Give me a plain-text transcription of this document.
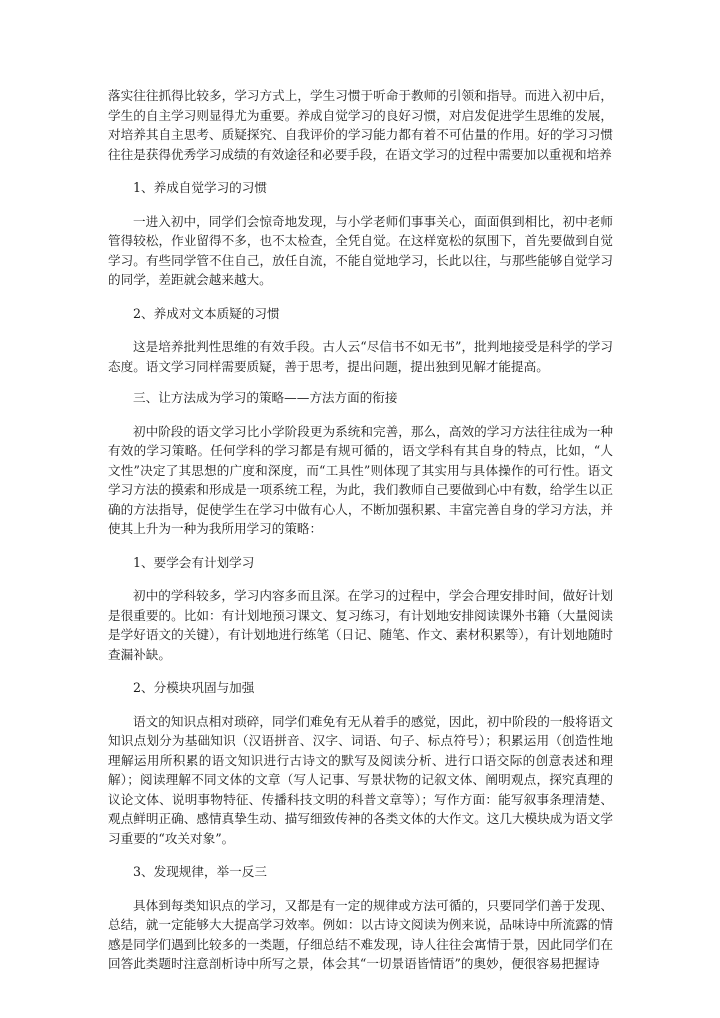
落实往往抓得比较多，学习方式上，学生习惯于听命于教师的引领和指导。而进入初中后，学生的自主学习则显得尤为重要。养成自觉学习的良好习惯，对启发促进学生思维的发展，对培养其自主思考、质疑探究、自我评价的学习能力都有着不可估量的作用。好的学习习惯往往是获得优秀学习成绩的有效途径和必要手段，在语文学习的过程中需要加以重视和培养

1、养成自觉学习的习惯

一进入初中，同学们会惊奇地发现，与小学老师们事事关心，面面俱到相比，初中老师管得较松，作业留得不多，也不太检查，全凭自觉。在这样宽松的氛围下，首先要做到自觉学习。有些同学管不住自己，放任自流，不能自觉地学习，长此以往，与那些能够自觉学习的同学，差距就会越来越大。

2、养成对文本质疑的习惯

这是培养批判性思维的有效手段。古人云“尽信书不如无书”，批判地接受是科学的学习态度。语文学习同样需要质疑，善于思考，提出问题，提出独到见解才能提高。

三、让方法成为学习的策略——方法方面的衔接

初中阶段的语文学习比小学阶段更为系统和完善，那么，高效的学习方法往往成为一种有效的学习策略。任何学科的学习都是有规可循的，语文学科有其自身的特点，比如，“人文性”决定了其思想的广度和深度，而“工具性”则体现了其实用与具体操作的可行性。语文学习方法的摸索和形成是一项系统工程，为此，我们教师自己要做到心中有数，给学生以正确的方法指导，促使学生在学习中做有心人，不断加强积累、丰富完善自身的学习方法，并使其上升为一种为我所用学习的策略：

1、要学会有计划学习

初中的学科较多，学习内容多而且深。在学习的过程中，学会合理安排时间，做好计划是很重要的。比如：有计划地预习课文、复习练习，有计划地安排阅读课外书籍（大量阅读是学好语文的关键），有计划地进行练笔（日记、随笔、作文、素材积累等），有计划地随时查漏补缺。

2、分模块巩固与加强

语文的知识点相对琐碎，同学们难免有无从着手的感觉，因此，初中阶段的一般将语文知识点划分为基础知识（汉语拼音、汉字、词语、句子、标点符号）；积累运用（创造性地理解运用所积累的语文知识进行古诗文的默写及阅读分析、进行口语交际的创意表述和理解）；阅读理解不同文体的文章（写人记事、写景状物的记叙文体、阐明观点，探究真理的议论文体、说明事物特征、传播科技文明的科普文章等）；写作方面：能写叙事条理清楚、观点鲜明正确、感情真挚生动、描写细致传神的各类文体的大作文。这几大模块成为语文学习重要的“攻关对象”。

3、发现规律，举一反三

具体到每类知识点的学习，又都是有一定的规律或方法可循的，只要同学们善于发现、总结，就一定能够大大提高学习效率。例如：以古诗文阅读为例来说，品味诗中所流露的情感是同学们遇到比较多的一类题，仔细总结不难发现，诗人往往会寓情于景，因此同学们在回答此类题时注意剖析诗中所写之景，体会其“一切景语皆情语”的奥妙，便很容易把握诗
